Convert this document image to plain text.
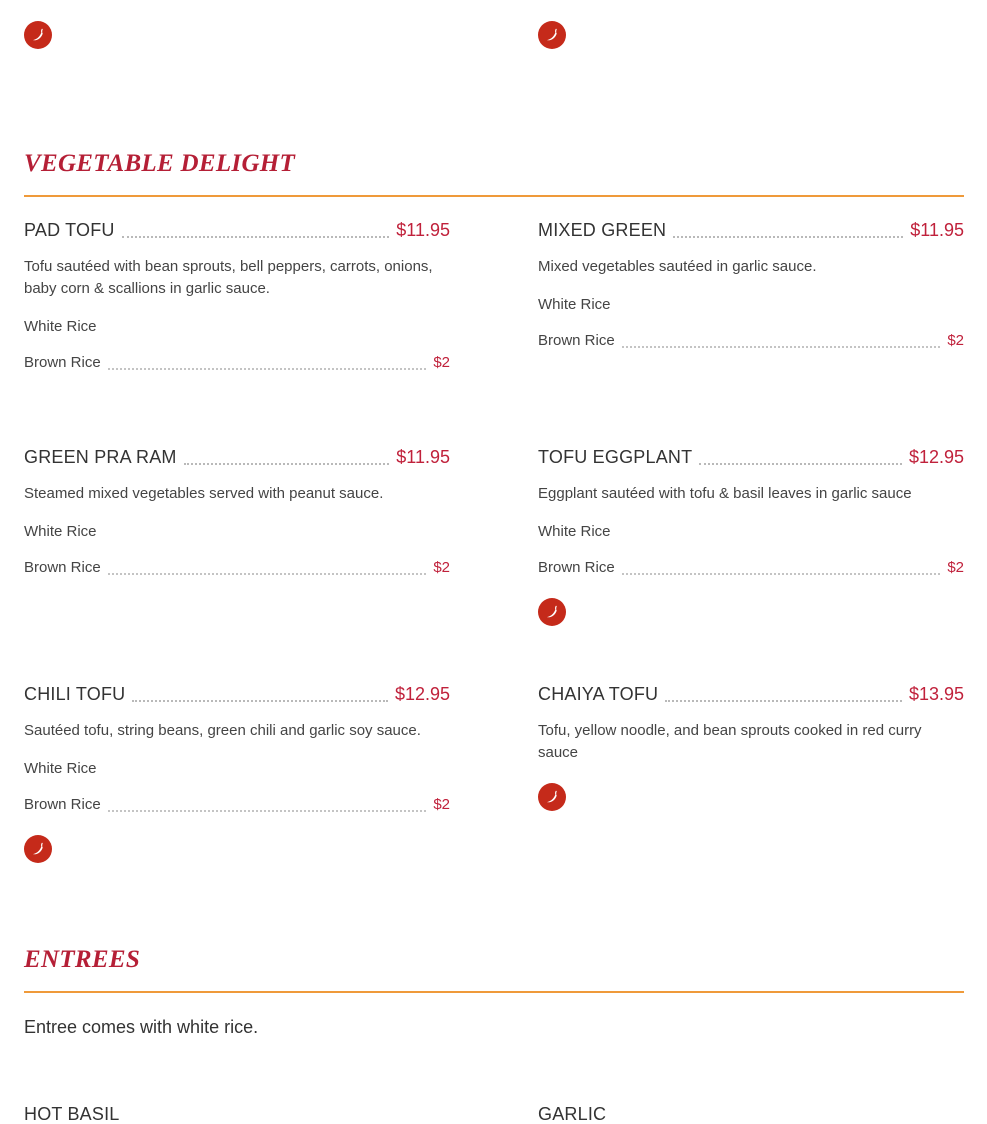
VEGETABLE DELIGHT
PAD TOFU	$11.95
Tofu sautéed with bean sprouts, bell peppers, carrots, onions, baby corn & scallions in garlic sauce.
White Rice
Brown Rice	$2
MIXED GREEN	$11.95
Mixed vegetables sautéed in garlic sauce.
White Rice
Brown Rice	$2
GREEN PRA RAM	$11.95
Steamed mixed vegetables served with peanut sauce.
White Rice
Brown Rice	$2
TOFU EGGPLANT	$12.95
Eggplant sautéed with tofu & basil leaves in garlic sauce
White Rice
Brown Rice	$2
CHILI TOFU	$12.95
Sautéed tofu, string beans, green chili and garlic soy sauce.
White Rice
Brown Rice	$2
CHAIYA TOFU	$13.95
Tofu, yellow noodle, and bean sprouts cooked in red curry sauce
ENTREES
Entree comes with white rice.
HOT BASIL	GARLIC
